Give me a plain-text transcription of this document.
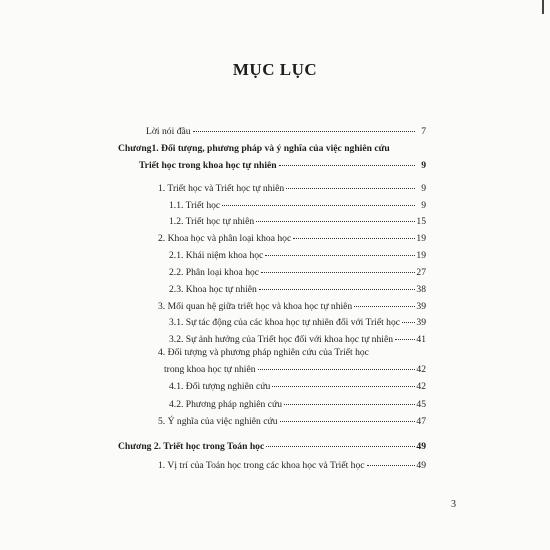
MỤC LỤC
Lời nói đầu	7
Chương1. Đối tượng, phương pháp và ý nghĩa của việc nghiên cứu
Triết học trong khoa học tự nhiên	9
1. Triết học và Triết học tự nhiên	9
1.1. Triết học	9
1.2. Triết học tự nhiên	15
2. Khoa học và phân loại khoa học	19
2.1. Khái niệm khoa học	19
2.2. Phân loại khoa học	27
2.3. Khoa học tự nhiên	38
3. Mối quan hệ giữa triết học và khoa học tự nhiên	39
3.1. Sự tác động của các khoa học tự nhiên đối với Triết học 39
3.2. Sự ảnh hưởng của Triết học đối với khoa học tự nhiên 41
4. Đối tượng và phương pháp nghiên cứu của Triết học
trong khoa học tự nhiên	42
4.1. Đối tượng nghiên cứu	42
4.2. Phương pháp nghiên cứu	45
5. Ý nghĩa của việc nghiên cứu	47
Chương 2. Triết học trong Toán học	49
1. Vị trí của Toán học trong các khoa học và Triết học	49
3
